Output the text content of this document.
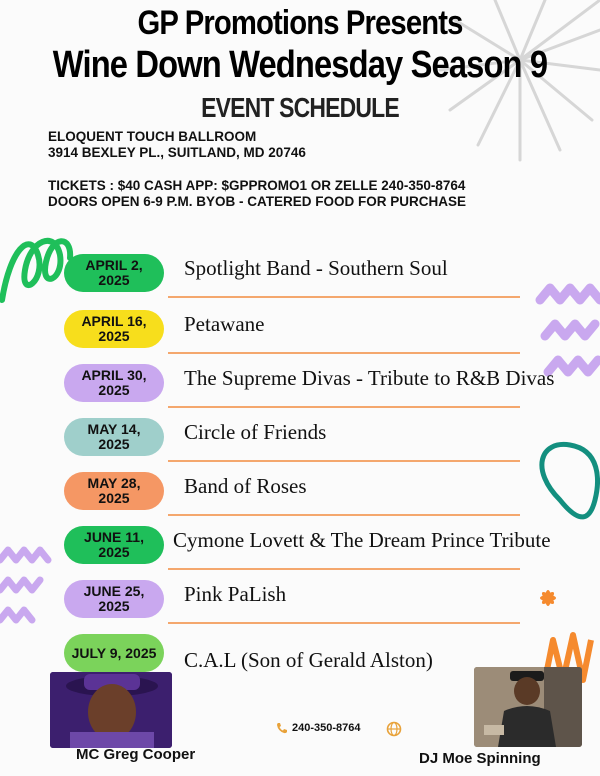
GP Promotions Presents
Wine Down Wednesday Season 9
EVENT SCHEDULE
ELOQUENT TOUCH BALLROOM
3914 BEXLEY PL., SUITLAND, MD 20746
TICKETS : $40 CASH APP: $GPPROMO1 OR ZELLE 240-350-8764
DOORS OPEN 6-9 P.M. BYOB - CATERED FOOD FOR PURCHASE
APRIL 2,
2025	Spotlight Band - Southern Soul
APRIL 16,
2025	Petawane
APRIL 30,
2025	The Supreme Divas - Tribute to R&B Divas
MAY 14,
2025	Circle of Friends
MAY 28,
2025	Band of Roses
JUNE 11,
2025	Cymone Lovett & The Dream Prince Tribute
JUNE 25,
2025	Pink PaLish
JULY 9, 2025 C.A.L (Son of Gerald Alston)
MC Greg Cooper	DJ Moe Spinning
240-350-8764
